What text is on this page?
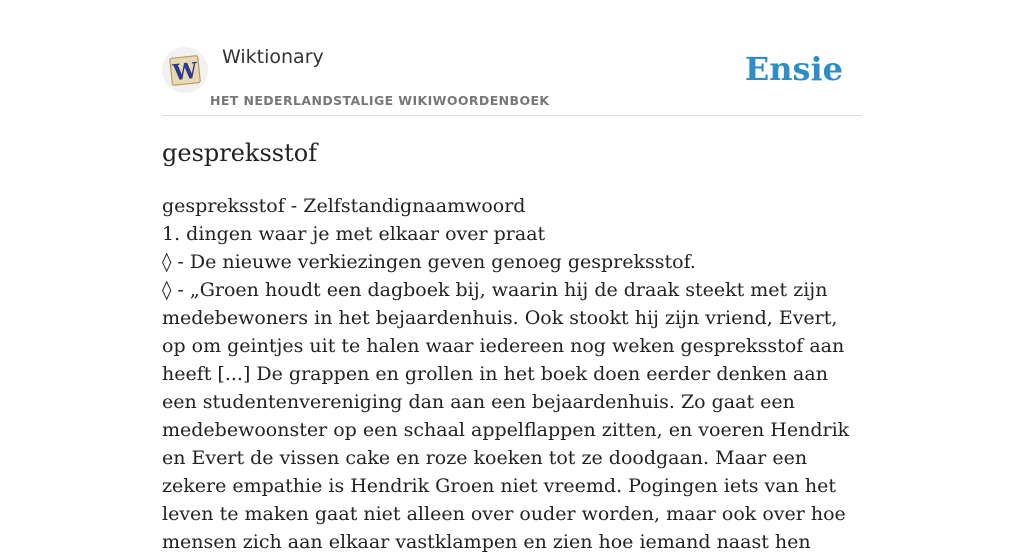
W
Wiktionary
HET NEDERLANDSTALIGE WIKIWOORDENBOEK
Ensie
gespreksstof

gespreksstof - Zelfstandignaamwoord

1. dingen waar je met elkaar over praat

◊ - De nieuwe verkiezingen geven genoeg gespreksstof.

◊ - „Groen houdt een dagboek bij, waarin hij de draak steekt met zijn medebewoners in het bejaardenhuis. Ook stookt hij zijn vriend, Evert, op om geintjes uit te halen waar iedereen nog weken gespreksstof aan heeft [...] De grappen en grollen in het boek doen eerder denken aan een studentenvereniging dan aan een bejaardenhuis. Zo gaat een medebewoonster op een schaal appelflappen zitten, en voeren Hendrik en Evert de vissen cake en roze koeken tot ze doodgaan. Maar een zekere empathie is Hendrik Groen niet vreemd. Pogingen iets van het leven te maken gaat niet alleen over ouder worden, maar ook over hoe mensen zich aan elkaar vastklampen en zien hoe iemand naast hen
